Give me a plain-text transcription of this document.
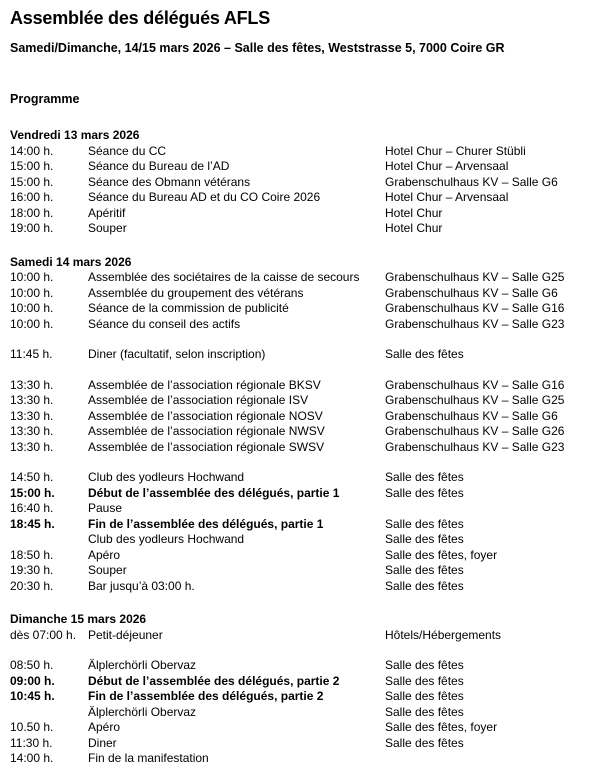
Assemblée des délégués AFLS
Samedi/Dimanche, 14/15 mars 2026 – Salle des fêtes, Weststrasse 5, 7000 Coire GR
Programme
Vendredi 13 mars 2026
14:00 h.	Séance du CC	Hotel Chur – Churer Stübli
15:00 h.	Séance du Bureau de l’AD	Hotel Chur – Arvensaal
15:00 h.	Séance des Obmann vétérans	Grabenschulhaus KV – Salle G6
16:00 h.	Séance du Bureau AD et du CO Coire 2026	Hotel Chur – Arvensaal
18:00 h.	Apéritif	Hotel Chur
19:00 h.	Souper	Hotel Chur
Samedi 14 mars 2026
10:00 h.	Assemblée des sociétaires de la caisse de secours	Grabenschulhaus KV – Salle G25
10:00 h.	Assemblée du groupement des vétérans	Grabenschulhaus KV – Salle G6
10:00 h.	Séance de la commission de publicité	Grabenschulhaus KV – Salle G16
10:00 h.	Séance du conseil des actifs	Grabenschulhaus KV – Salle G23
11:45 h.	Diner (facultatif, selon inscription)	Salle des fêtes
13:30 h.	Assemblée de l’association régionale BKSV	Grabenschulhaus KV – Salle G16
13:30 h.	Assemblée de l’association régionale ISV	Grabenschulhaus KV – Salle G25
13:30 h.	Assemblée de l’association régionale NOSV	Grabenschulhaus KV – Salle G6
13:30 h.	Assemblée de l’association régionale NWSV	Grabenschulhaus KV – Salle G26
13:30 h.	Assemblée de l’association régionale SWSV	Grabenschulhaus KV – Salle G23
14:50 h.	Club des yodleurs Hochwand	Salle des fêtes
15:00 h.	Début de l’assemblée des délégués, partie 1	Salle des fêtes
16:40 h.	Pause
18:45 h.	Fin de l’assemblée des délégués, partie 1	Salle des fêtes
Club des yodleurs Hochwand	Salle des fêtes
18:50 h.	Apéro	Salle des fêtes, foyer
19:30 h.	Souper	Salle des fêtes
20:30 h.	Bar jusqu’à 03:00 h.	Salle des fêtes
Dimanche 15 mars 2026
dès 07:00 h. Petit-déjeuner	Hôtels/Hébergements
08:50 h.	Älplerchörli Obervaz	Salle des fêtes
09:00 h.	Début de l’assemblée des délégués, partie 2	Salle des fêtes
10:45 h.	Fin de l’assemblée des délégués, partie 2	Salle des fêtes
Älplerchörli Obervaz	Salle des fêtes
10.50 h.	Apéro	Salle des fêtes, foyer
11:30 h.	Diner	Salle des fêtes
14:00 h.	Fin de la manifestation
